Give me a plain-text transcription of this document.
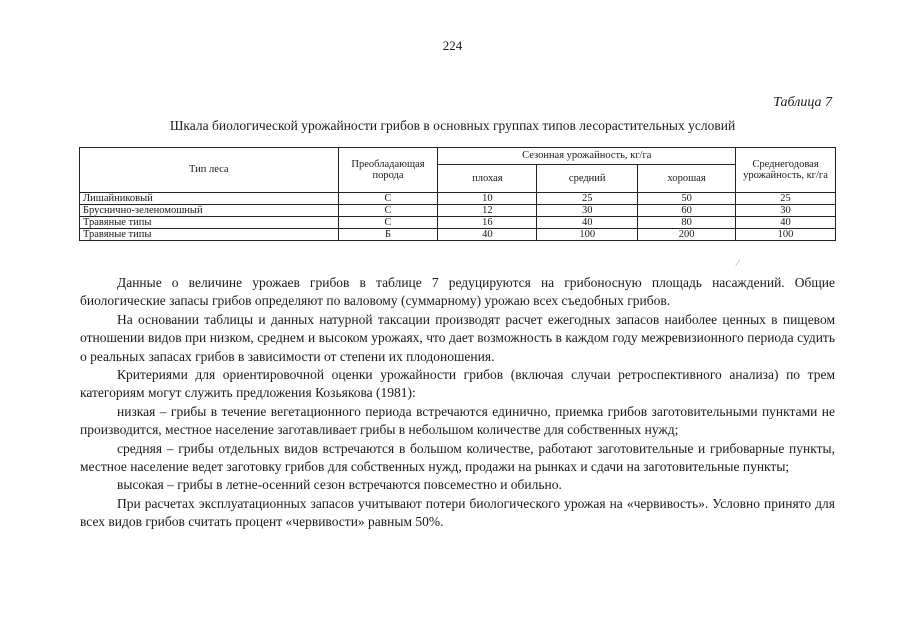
224
Таблица 7
Шкала биологической урожайности грибов в основных группах типов лесорастительных условий
Тип леса	Преобладающая порода	Сезонная урожайность, кг/га			Среднегодовая урожайность, кг/га
		плохая	средний	хорошая	
Лишайниковый	С	10	25	50	25
Бруснично-зеленомошный	С	12	30	60	30
Травяные типы	С	16	40	80	40
Травяные типы	Б	40	100	200	100
⁄

Данные о величине урожаев грибов в таблице 7 редуцируются на грибоносную площадь насаждений. Общие биологические запасы грибов определяют по валовому (суммарному) урожаю всех съедобных грибов.

На основании таблицы и данных натурной таксации производят расчет ежегодных запасов наиболее ценных в пищевом отношении видов при низком, среднем и высоком урожаях, что дает возможность в каждом году межревизионного периода судить о реальных запасах грибов в зависимости от степени их плодоношения.

Критериями для ориентировочной оценки урожайности грибов (включая случаи ретроспективного анализа) по трем категориям могут служить предложения Козьякова (1981):

низкая – грибы в течение вегетационного периода встречаются единично, приемка грибов заготовительными пунктами не производится, местное население заготавливает грибы в небольшом количестве для собственных нужд;

средняя – грибы отдельных видов встречаются в большом количестве, работают заготовительные и грибоварные пункты, местное население ведет заготовку грибов для собственных нужд, продажи на рынках и сдачи на заготовительные пункты;

высокая – грибы в летне-осенний сезон встречаются повсеместно и обильно.

При расчетах эксплуатационных запасов учитывают потери биологического урожая на «червивость». Условно принято для всех видов грибов считать процент «червивости» равным 50%.
